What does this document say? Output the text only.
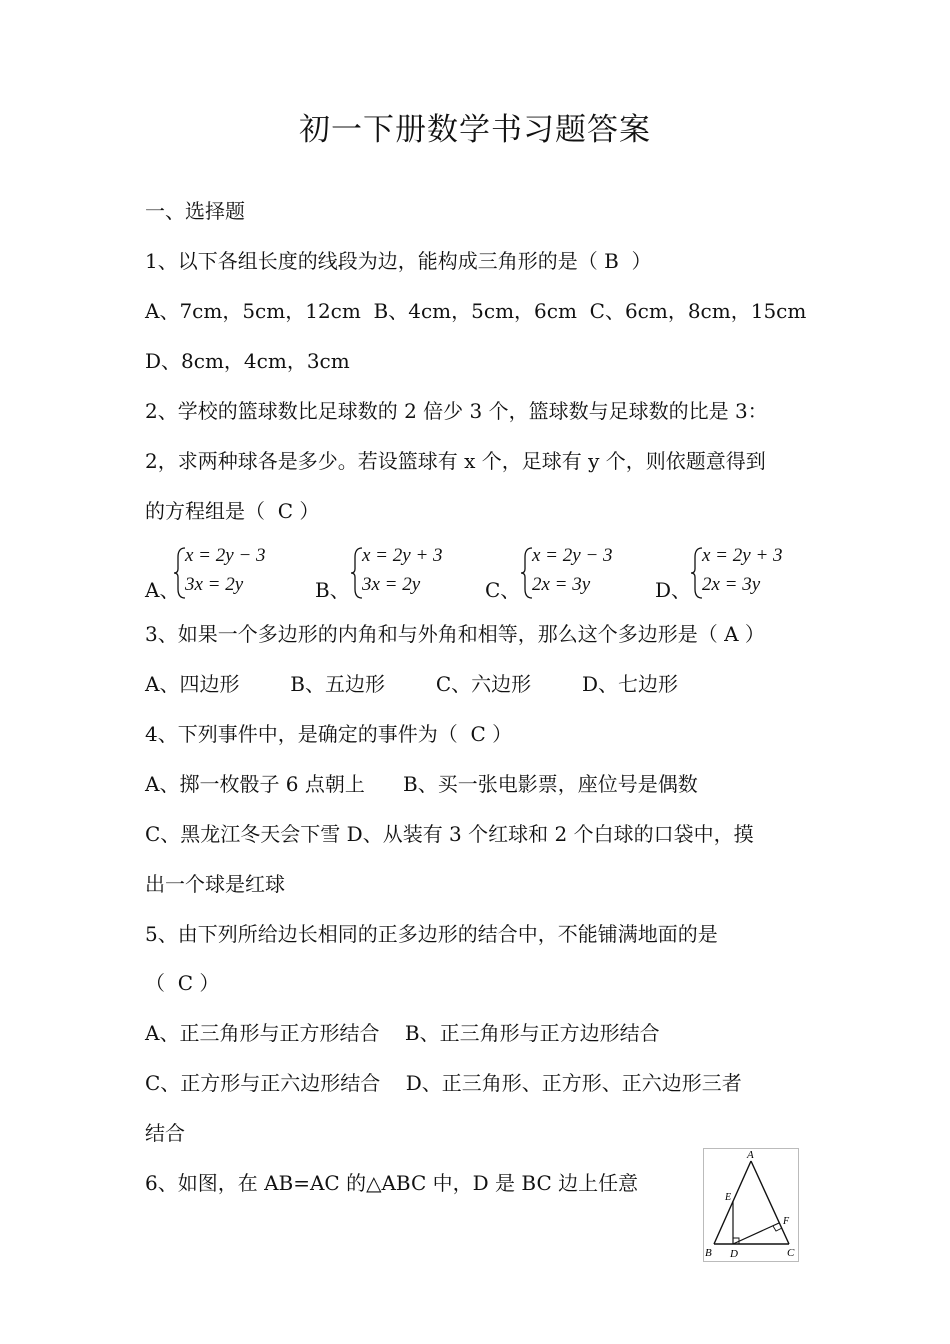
初一下册数学书习题答案
一、选择题
1、以下各组长度的线段为边，能构成三角形的是（ B  ）
A、7cm，5cm，12cm  B、4cm，5cm，6cm  C、6cm，8cm，15cm
D、8cm，4cm，3cm
2、学校的篮球数比足球数的 2 倍少 3 个，篮球数与足球数的比是 3：
2，求两种球各是多少。若设篮球有 x 个，足球有 y 个，则依题意得到
的方程组是（  C ）
A、
x = 2y − 3
3x = 2y	B、
x = 2y + 3
3x = 2y	C、
x = 2y − 3
2x = 3y	D、
x = 2y + 3
2x = 3y
3、如果一个多边形的内角和与外角和相等，那么这个多边形是（ A ）
A、四边形        B、五边形        C、六边形        D、七边形
4、下列事件中，是确定的事件为（  C ）
A、掷一枚骰子 6 点朝上      B、买一张电影票，座位号是偶数
C、黑龙江冬天会下雪 D、从装有 3 个红球和 2 个白球的口袋中，摸
出一个球是红球
5、由下列所给边长相同的正多边形的结合中，不能铺满地面的是
（  C ）
A、正三角形与正方形结合    B、正三角形与正方边形结合
C、正方形与正六边形结合    D、正三角形、正方形、正六边形三者
结合
6、如图，在 AB=AC 的△ABC 中，D 是 BC 边上任意
A
E
F
B D	C
